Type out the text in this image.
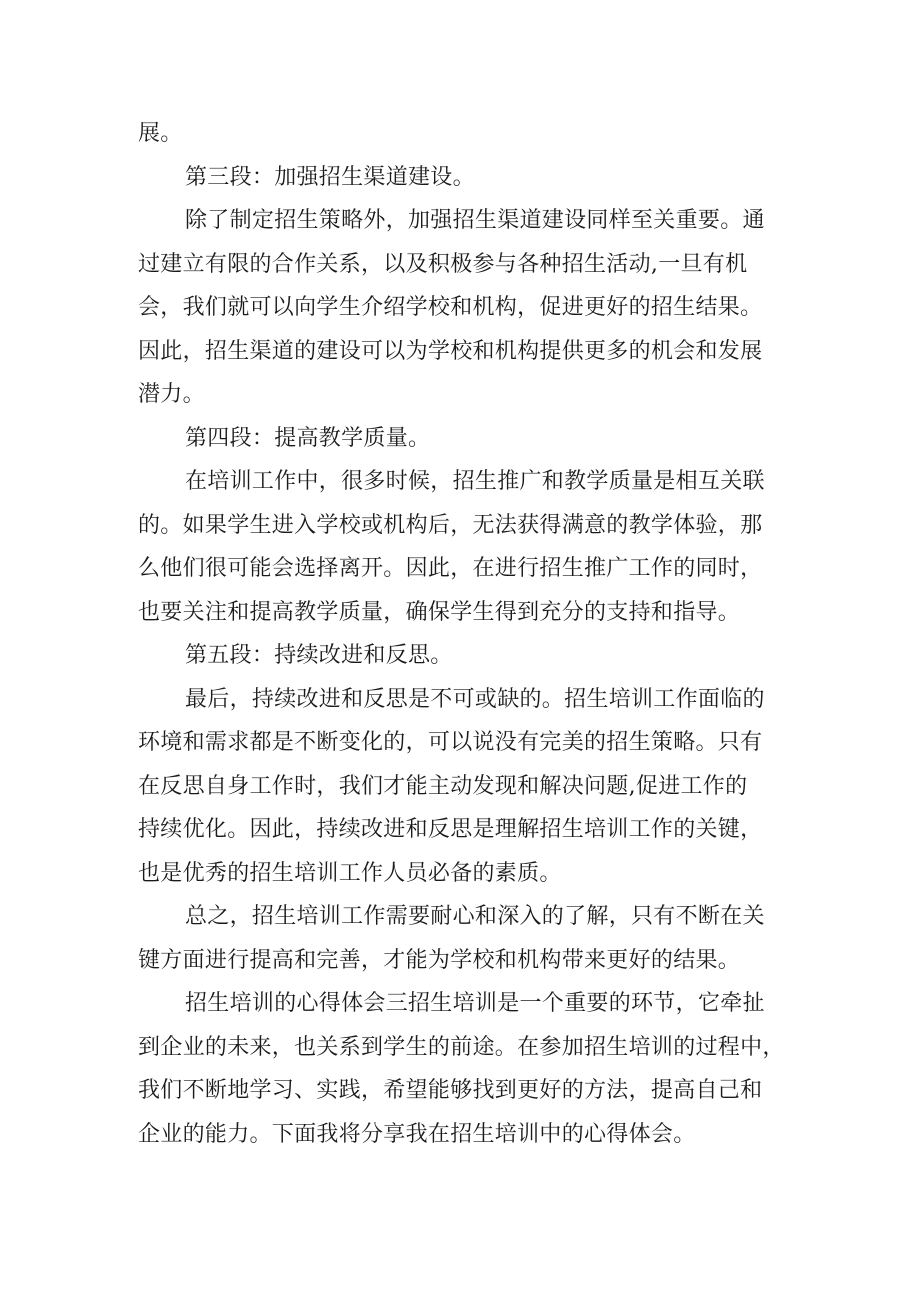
展。
第三段：加强招生渠道建设。
除了制定招生策略外，加强招生渠道建设同样至关重要。通
过建立有限的合作关系，以及积极参与各种招生活动,一旦有机
会，我们就可以向学生介绍学校和机构，促进更好的招生结果。
因此，招生渠道的建设可以为学校和机构提供更多的机会和发展
潜力。
第四段：提高教学质量。
在培训工作中，很多时候，招生推广和教学质量是相互关联
的。如果学生进入学校或机构后，无法获得满意的教学体验，那
么他们很可能会选择离开。因此，在进行招生推广工作的同时，
也要关注和提高教学质量，确保学生得到充分的支持和指导。
第五段：持续改进和反思。
最后，持续改进和反思是不可或缺的。招生培训工作面临的
环境和需求都是不断变化的，可以说没有完美的招生策略。只有
在反思自身工作时，我们才能主动发现和解决问题,促进工作的
持续优化。因此，持续改进和反思是理解招生培训工作的关键，
也是优秀的招生培训工作人员必备的素质。
总之，招生培训工作需要耐心和深入的了解，只有不断在关
键方面进行提高和完善，才能为学校和机构带来更好的结果。
招生培训的心得体会三招生培训是一个重要的环节，它牵扯
到企业的未来，也关系到学生的前途。在参加招生培训的过程中，
我们不断地学习、实践，希望能够找到更好的方法，提高自己和
企业的能力。下面我将分享我在招生培训中的心得体会。
